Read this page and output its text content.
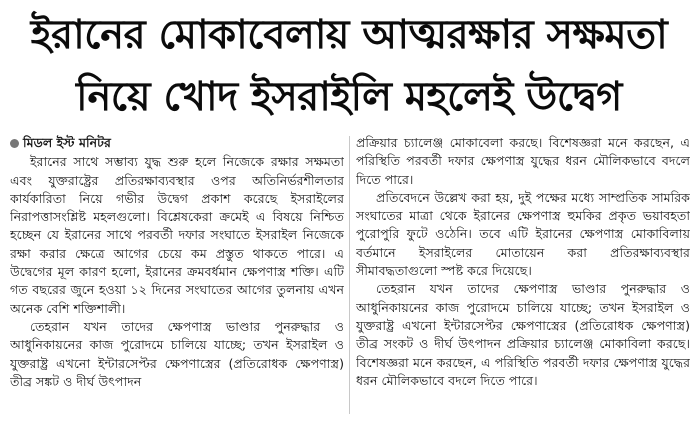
ইরানের মোকাবেলায় আত্মরক্ষার সক্ষমতা
নিয়ে খোদ ইসরাইলি মহলেই উদ্বেগ
মিডল ইস্ট মনিটর

ইরানের সাথে সম্ভাব্য যুদ্ধ শুরু হলে নিজেকে রক্ষার সক্ষমতা এবং যুক্তরাষ্ট্রের প্রতিরক্ষাব্যবস্থার ওপর অতিনির্ভরশীলতার কার্যকারিতা নিয়ে গভীর উদ্বেগ প্রকাশ করেছে ইসরাইলের নিরাপত্তাসংশ্লিষ্ট মহলগুলো। বিশ্লেষকেরা ক্রমেই এ বিষয়ে নিশ্চিত হচ্ছেন যে ইরানের সাথে পরবর্তী দফার সংঘাতে ইসরাইল নিজেকে রক্ষা করার ক্ষেত্রে আগের চেয়ে কম প্রস্তুত থাকতে পারে। এ উদ্বেগের মূল কারণ হলো, ইরানের ক্রমবর্ধমান ক্ষেপণাস্ত্র শক্তি। এটি গত বছরের জুনে হওয়া ১২ দিনের সংঘাতের আগের তুলনায় এখন অনেক বেশি শক্তিশালী।

তেহরান যখন তাদের ক্ষেপণাস্ত্র ভাণ্ডার পুনরুদ্ধার ও আধুনিকায়নের কাজ পুরোদমে চালিয়ে যাচ্ছে; তখন ইসরাইল ও যুক্তরাষ্ট্র এখনো ইন্টারসেপ্টর ক্ষেপণাস্ত্রের (প্রতিরোধক ক্ষেপণাস্ত্র) তীব্র সঙ্কট ও দীর্ঘ উৎপাদন

প্রক্রিয়ার চ্যালেঞ্জ মোকাবেলা করছে। বিশেষজ্ঞরা মনে করছেন, এ পরিস্থিতি পরবর্তী দফার ক্ষেপণাস্ত্র যুদ্ধের ধরন মৌলিকভাবে বদলে দিতে পারে।

প্রতিবেদনে উল্লেখ করা হয়, দুই পক্ষের মধ্যে সাম্প্রতিক সামরিক সংঘাতের মাত্রা থেকে ইরানের ক্ষেপণাস্ত্র হুমকির প্রকৃত ভয়াবহতা পুরোপুরি ফুটে ওঠেনি। তবে এটি ইরানের ক্ষেপণাস্ত্র মোকাবিলায় বর্তমানে ইসরাইলের মোতায়েন করা প্রতিরক্ষাব্যবস্থার সীমাবদ্ধতাগুলো স্পষ্ট করে দিয়েছে।

তেহরান যখন তাদের ক্ষেপণাস্ত্র ভাণ্ডার পুনরুদ্ধার ও আধুনিকায়নের কাজ পুরোদমে চালিয়ে যাচ্ছে; তখন ইসরাইল ও যুক্তরাষ্ট্র এখনো ইন্টারসেপ্টর ক্ষেপণাস্ত্রের (প্রতিরোধক ক্ষেপণাস্ত্র) তীব্র সংকট ও দীর্ঘ উৎপাদন প্রক্রিয়ার চ্যালেঞ্জ মোকাবিলা করছে। বিশেষজ্ঞরা মনে করছেন, এ পরিস্থিতি পরবর্তী দফার ক্ষেপণাস্ত্র যুদ্ধের ধরন মৌলিকভাবে বদলে দিতে পারে।
